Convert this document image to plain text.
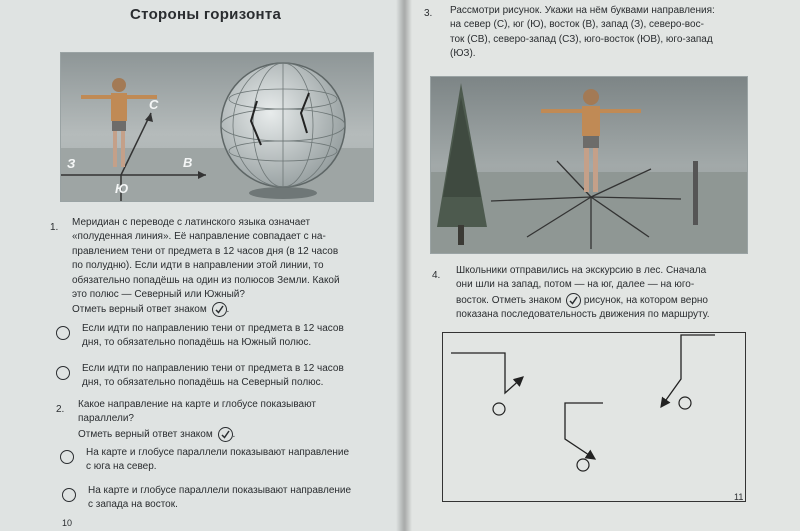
Стороны горизонта
З	В
Ю
С
1. Меридиан с переводе с латинского языка означает
«полуденная линия». Её направление совпадает с на-
правлением тени от предмета в 12 часов дня (в 12 часов
по полудню). Если идти в направлении этой линии, то
обязательно попадёшь на один из полюсов Земли. Какой
это полюс — Северный или Южный?
Отметь верный ответ знаком .
Если идти по направлению тени от предмета в 12 часов
дня, то обязательно попадёшь на Южный полюс.
Если идти по направлению тени от предмета в 12 часов
дня, то обязательно попадёшь на Северный полюс.
2. Какое направление на карте и глобусе показывают
параллели?
Отметь верный ответ знаком .
На карте и глобусе параллели показывают направление
с юга на север.
На карте и глобусе параллели показывают направление
с запада на восток.
10
3. Рассмотри рисунок. Укажи на нём буквами направления:
на север (С), юг (Ю), восток (В), запад (З), северо-вос-
ток (СВ), северо-запад (СЗ), юго-восток (ЮВ), юго-запад
(ЮЗ).
4. Школьники отправились на экскурсию в лес. Сначала
они шли на запад, потом — на юг, далее — на юго-
восток. Отметь знаком рисунок, на котором верно
показана последовательность движения по маршруту.
11
